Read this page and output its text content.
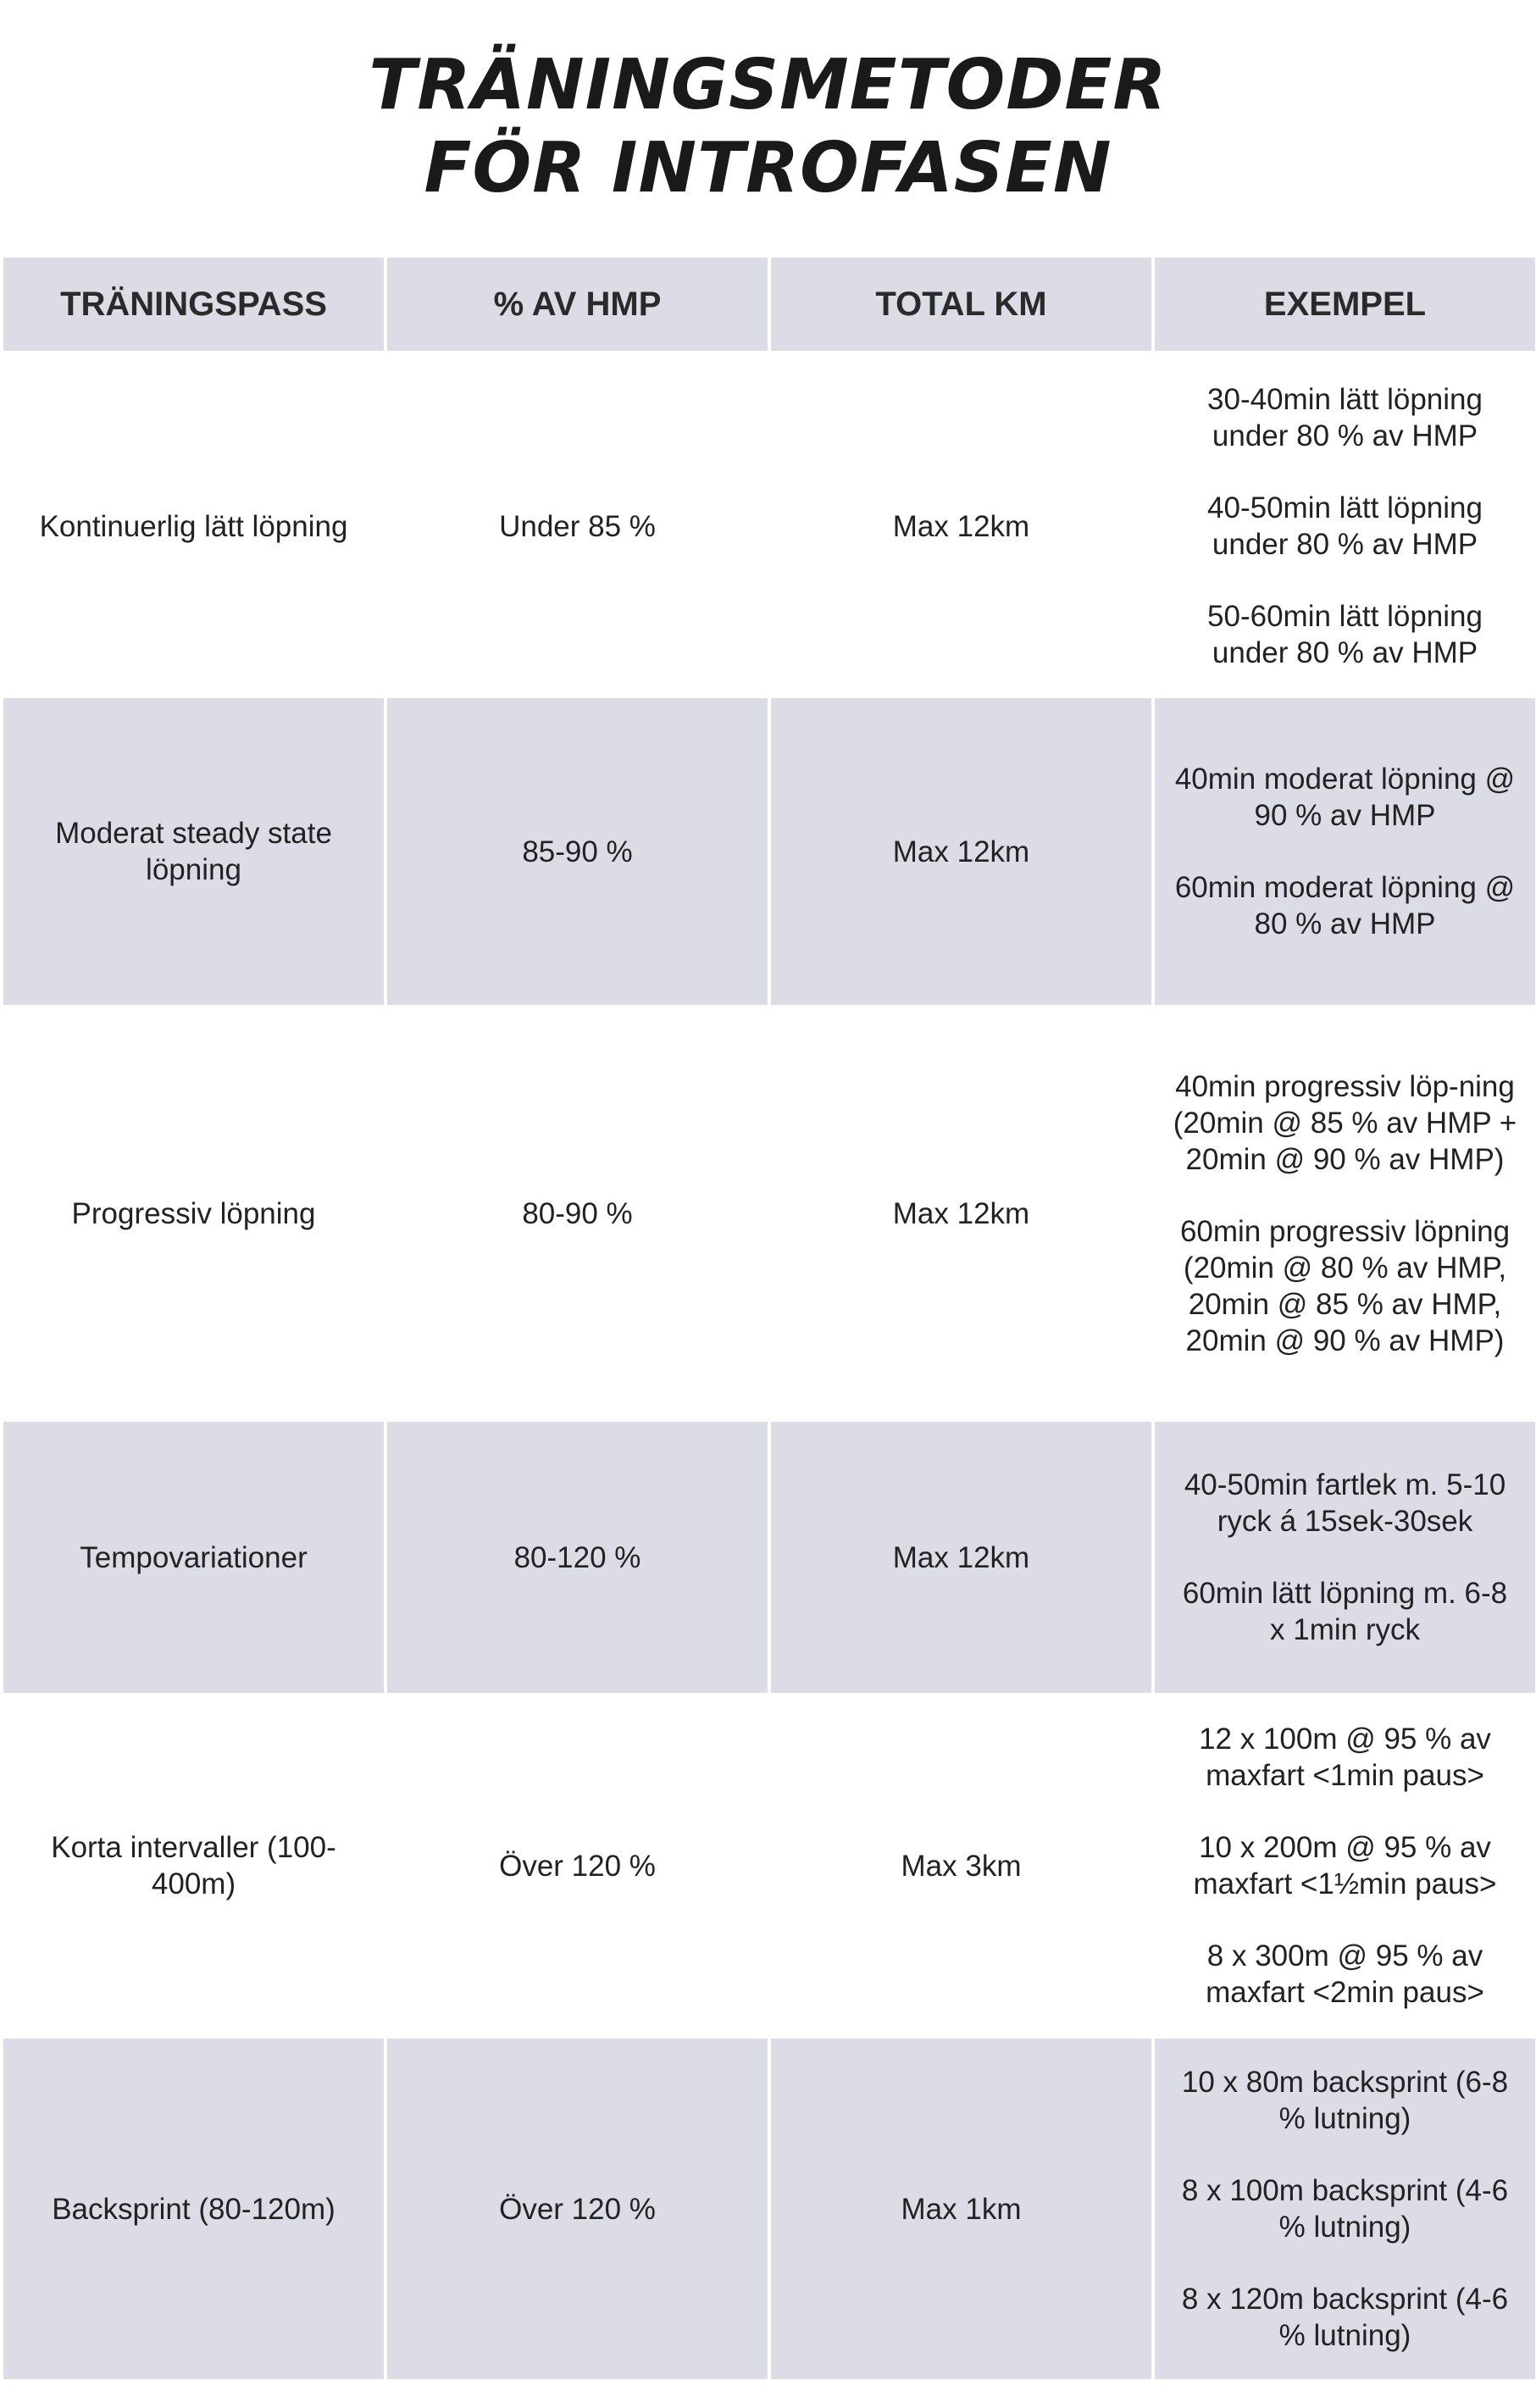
TRÄNINGSMETODER
FÖR INTROFASEN
TRÄNINGSPASS	% AV HMP	TOTAL KM	EXEMPEL
Kontinuerlig lätt löpning	Under 85 %	Max 12km	30-40min lätt löpning under 80 % av HMP
40-50min lätt löpning under 80 % av HMP
50-60min lätt löpning under 80 % av HMP

Moderat steady state löpning	85-90 %	Max 12km	40min moderat löpning @ 90 % av HMP
60min moderat löpning @ 80 % av HMP

Progressiv löpning	80-90 %	Max 12km	40min progressiv löp-ning (20min @ 85 % av HMP + 20min @ 90 % av HMP)
60min progressiv löpning (20min @ 80 % av HMP, 20min @ 85 % av HMP, 20min @ 90 % av HMP)

Tempovariationer	80-120 %	Max 12km	40-50min fartlek m. 5-10 ryck á 15sek-30sek
60min lätt löpning m. 6-8 x 1min ryck

Korta intervaller (100-400m)	Över 120 %	Max 3km	12 x 100m @ 95 % av maxfart <1min paus>
10 x 200m @ 95 % av maxfart <1½min paus>
8 x 300m @ 95 % av maxfart <2min paus>

Backsprint (80-120m)	Över 120 %	Max 1km	10 x 80m backsprint (6-8 % lutning)
8 x 100m backsprint (4-6 % lutning)
8 x 120m backsprint (4-6 % lutning)
